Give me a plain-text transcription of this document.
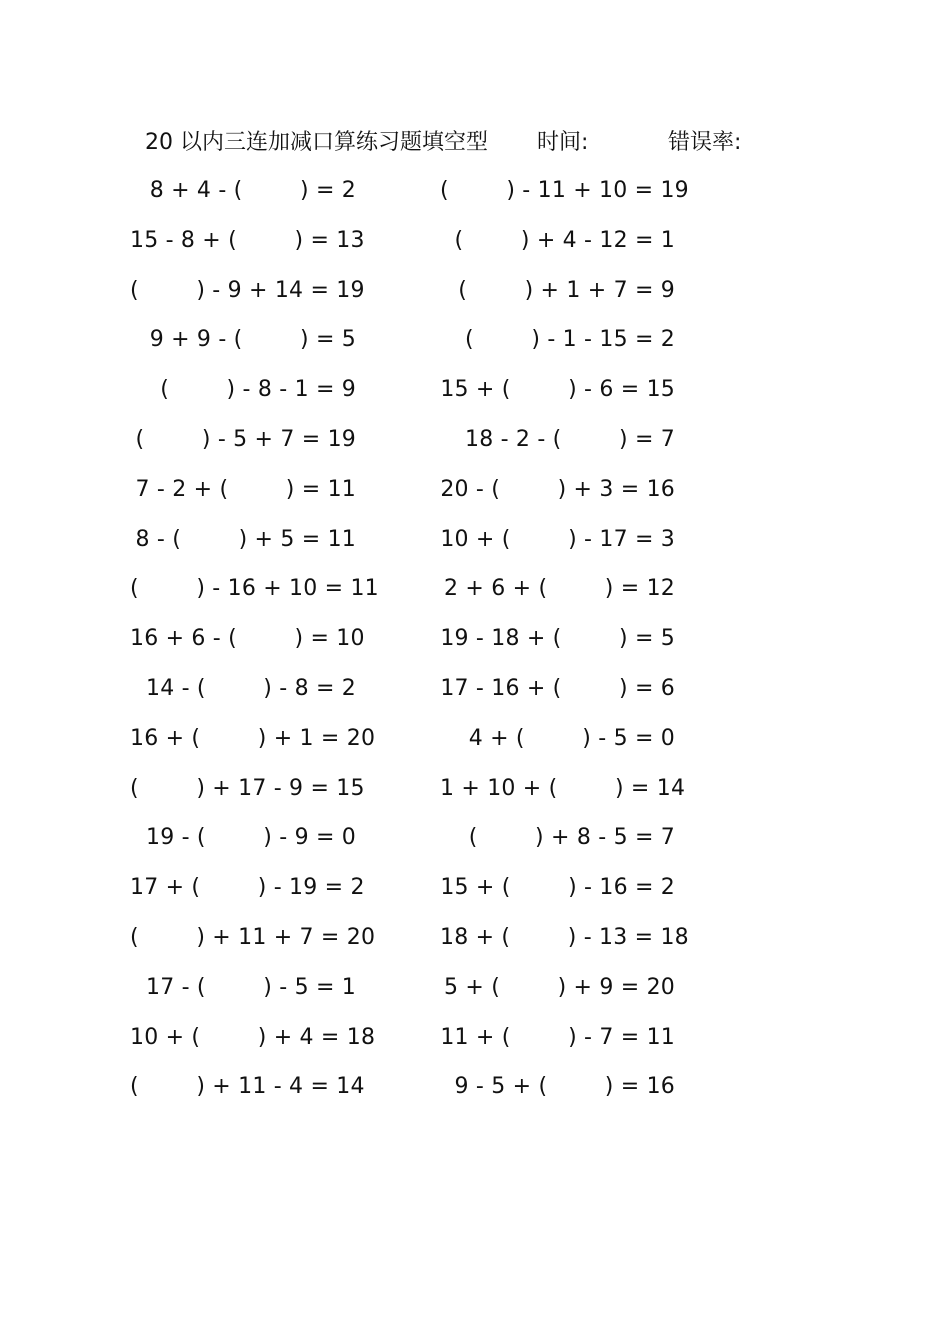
20 以内三连加减口算练习题填空型 时间:	错误率:
8 + 4 - (        ) = 2
15 - 8 + (        ) = 13
(        ) - 9 + 14 = 19
9 + 9 - (        ) = 5
(        ) - 8 - 1 = 9
(        ) - 5 + 7 = 19
7 - 2 + (        ) = 11
8 - (        ) + 5 = 11
(        ) - 16 + 10 = 11
16 + 6 - (        ) = 10
14 - (        ) - 8 = 2
16 + (        ) + 1 = 20
(        ) + 17 - 9 = 15
19 - (        ) - 9 = 0
17 + (        ) - 19 = 2
(        ) + 11 + 7 = 20
17 - (        ) - 5 = 1
10 + (        ) + 4 = 18
(        ) + 11 - 4 = 14
(        ) - 11 + 10 = 19
(        ) + 4 - 12 = 1
(        ) + 1 + 7 = 9
(        ) - 1 - 15 = 2
15 + (        ) - 6 = 15
18 - 2 - (        ) = 7
20 - (        ) + 3 = 16
10 + (        ) - 17 = 3
2 + 6 + (        ) = 12
19 - 18 + (        ) = 5
17 - 16 + (        ) = 6
4 + (        ) - 5 = 0
1 + 10 + (        ) = 14
(        ) + 8 - 5 = 7
15 + (        ) - 16 = 2
18 + (        ) - 13 = 18
5 + (        ) + 9 = 20
11 + (        ) - 7 = 11
9 - 5 + (        ) = 16
